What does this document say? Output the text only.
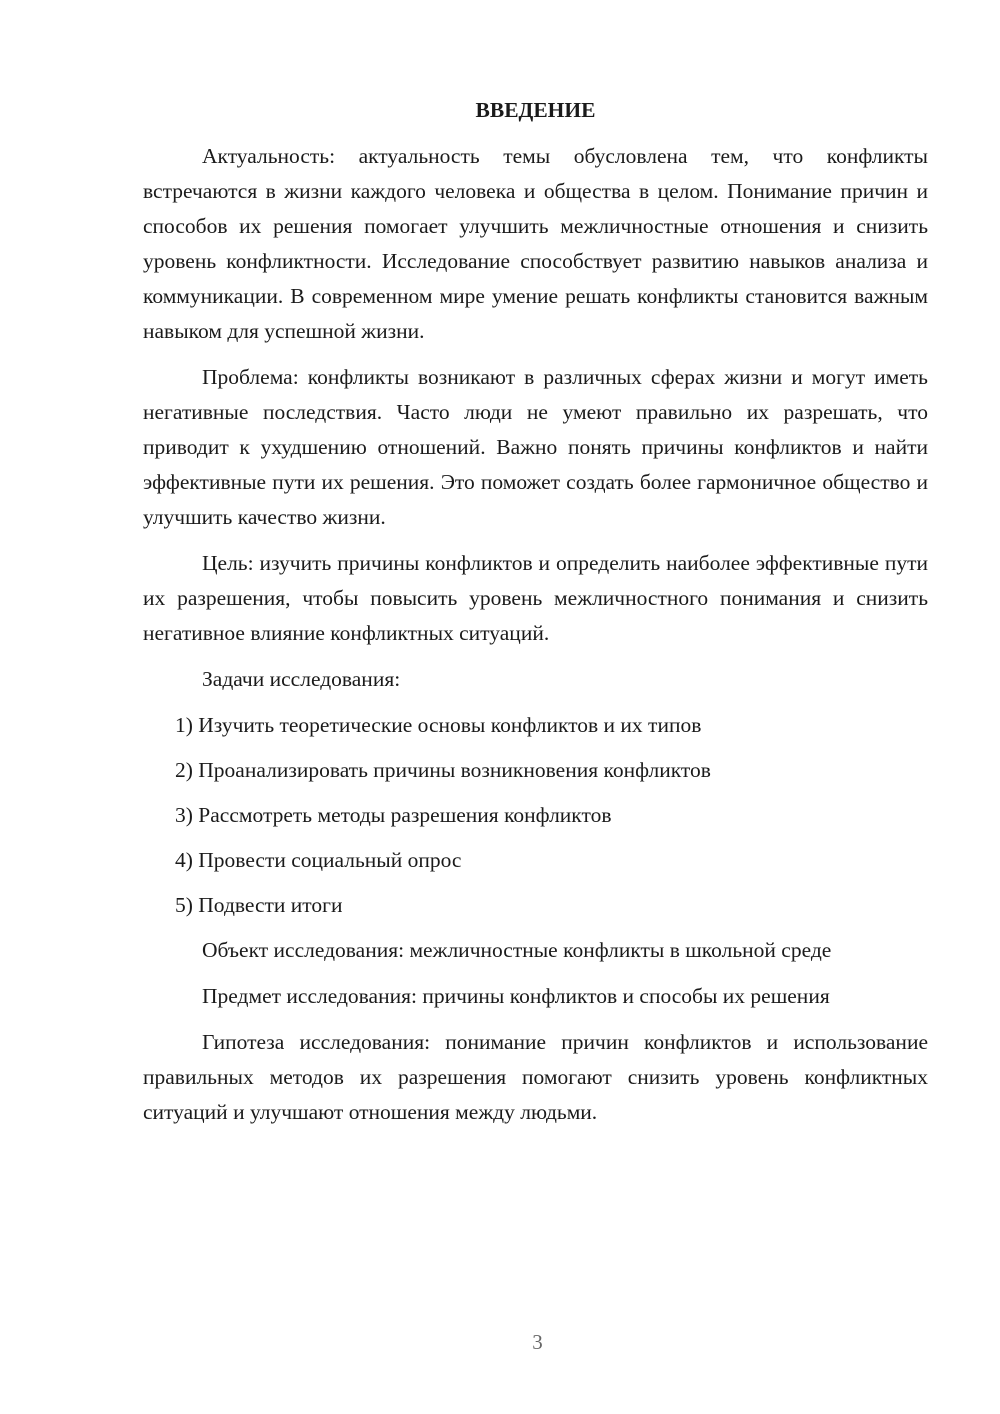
ВВЕДЕНИЕ

Актуальность: актуальность темы обусловлена тем, что конфликты встречаются в жизни каждого человека и общества в целом. Понимание причин и способов их решения помогает улучшить межличностные отношения и снизить уровень конфликтности. Исследование способствует развитию навыков анализа и коммуникации. В современном мире умение решать конфликты становится важным навыком для успешной жизни.

Проблема: конфликты возникают в различных сферах жизни и могут иметь негативные последствия. Часто люди не умеют правильно их разрешать, что приводит к ухудшению отношений. Важно понять причины конфликтов и найти эффективные пути их решения. Это поможет создать более гармоничное общество и улучшить качество жизни.

Цель: изучить причины конфликтов и определить наиболее эффективные пути их разрешения, чтобы повысить уровень межличностного понимания и снизить негативное влияние конфликтных ситуаций.

Задачи исследования:

1) Изучить теоретические основы конфликтов и их типов

2) Проанализировать причины возникновения конфликтов

3) Рассмотреть методы разрешения конфликтов

4) Провести социальный опрос

5) Подвести итоги

Объект исследования: межличностные конфликты в школьной среде

Предмет исследования: причины конфликтов и способы их решения

Гипотеза исследования: понимание причин конфликтов и использование правильных методов их разрешения помогают снизить уровень конфликтных ситуаций и улучшают отношения между людьми.

3
